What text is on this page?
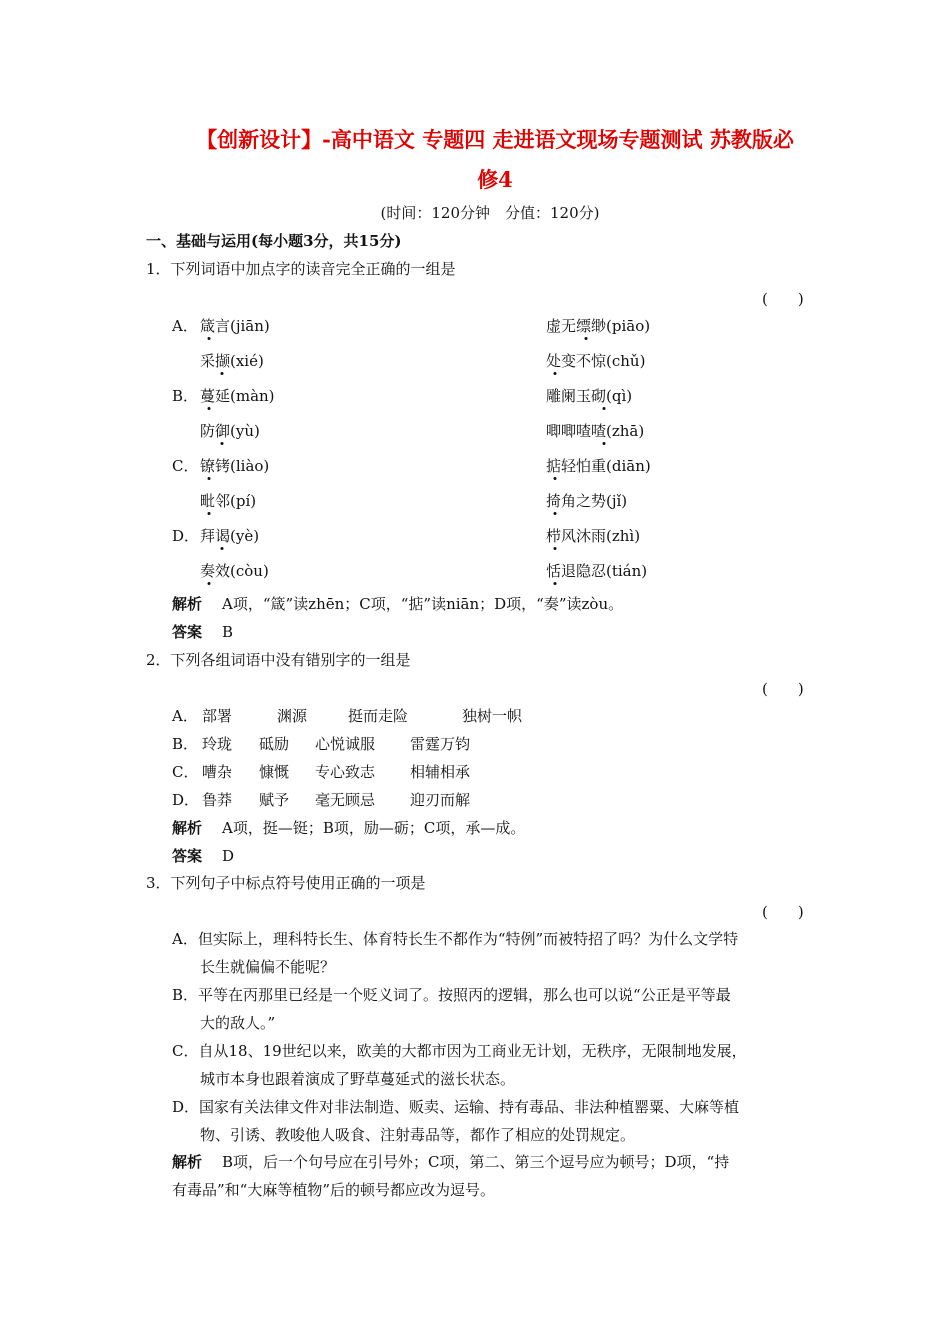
【创新设计】-高中语文 专题四 走进语文现场专题测试 苏教版必
修4
(时间：120分钟　分值：120分)
一、基础与运用(每小题3分，共15分)
1．下列词语中加点字的读音完全正确的一组是
(　　)
A． 箴言(jiān)	虚无缥缈(piāo)
采撷(xié)	处变不惊(chǔ)
B． 蔓延(màn)	雕阑玉砌(qì)
防御(yù)	唧唧喳喳(zhā)
C． 镣铐(liào)	掂轻怕重(diān)
毗邻(pí)	掎角之势(jǐ)
D． 拜谒(yè)	栉风沐雨(zhì)
奏效(còu)	恬退隐忍(tián)
解析 A项，“箴”读zhēn；C项，“掂”读niān；D项，“奏”读zòu。
答案 B
2．下列各组词语中没有错别字的一组是
(　　)
A． 部署	渊源	挺而走险	独树一帜
B． 玲珑 砥励 心悦诚服 雷霆万钧
C． 嘈杂 慷慨 专心致志 相辅相承
D． 鲁莽 赋予 毫无顾忌 迎刃而解
解析 A项，挺—铤；B项，励—砺；C项，承—成。
答案 D
3．下列句子中标点符号使用正确的一项是
(　　)
A．但实际上，理科特长生、体育特长生不都作为“特例”而被特招了吗？为什么文学特
长生就偏偏不能呢？
B．平等在丙那里已经是一个贬义词了。按照丙的逻辑，那么也可以说“公正是平等最
大的敌人。”
C．自从18、19世纪以来，欧美的大都市因为工商业无计划，无秩序，无限制地发展，
城市本身也跟着演成了野草蔓延式的滋长状态。
D．国家有关法律文件对非法制造、贩卖、运输、持有毒品、非法种植罂粟、大麻等植
物、引诱、教唆他人吸食、注射毒品等，都作了相应的处罚规定。
解析 B项，后一个句号应在引号外；C项，第二、第三个逗号应为顿号；D项，“持
有毒品”和“大麻等植物”后的顿号都应改为逗号。
